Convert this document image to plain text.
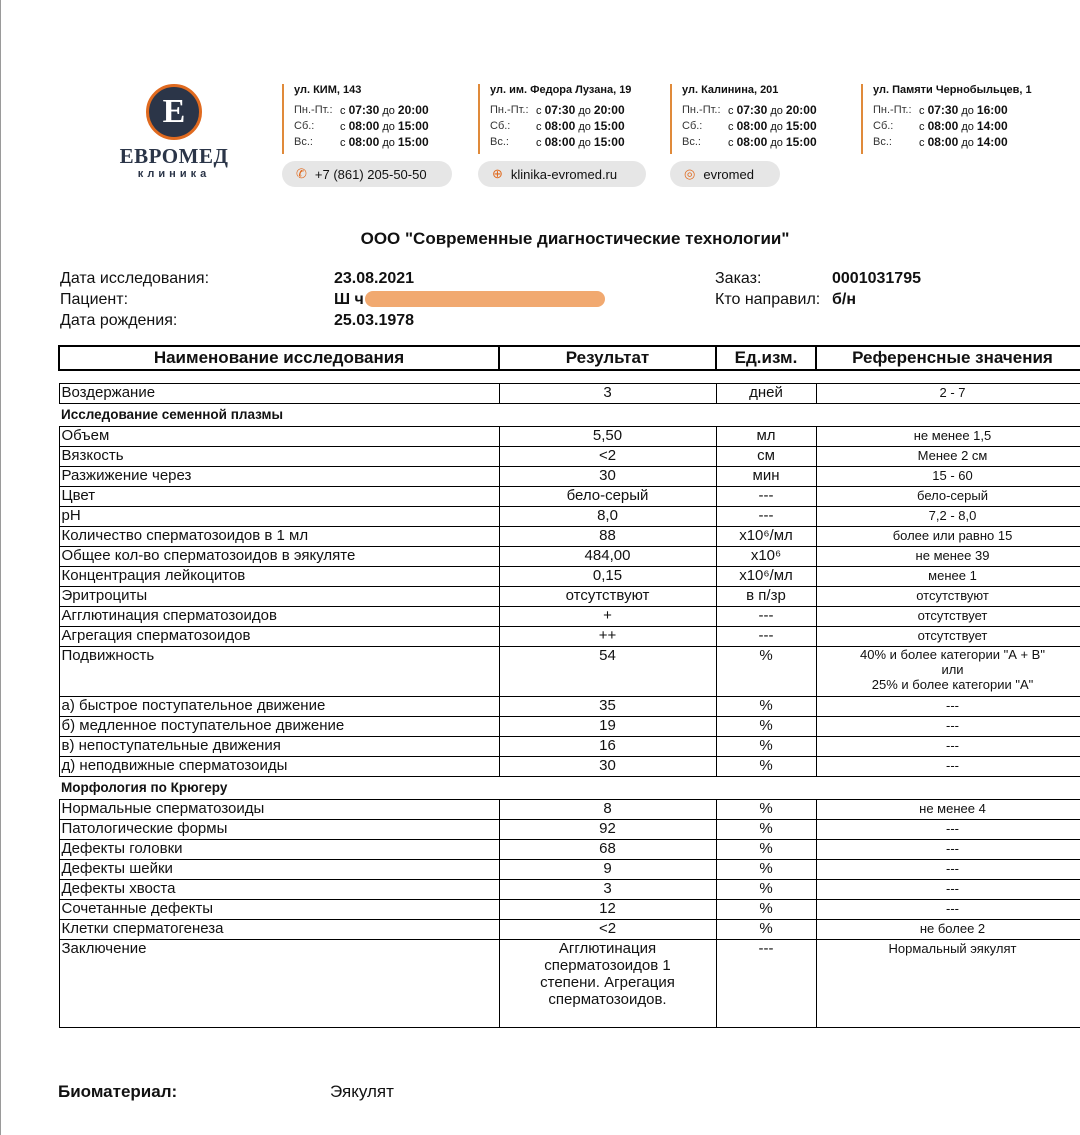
Е
ЕВРОМЕД
клиника
ул. КИМ, 143
Пн.-Пт.: с 07:30 до 20:00
Сб.:	с 08:00 до 15:00
Вс.:	с 08:00 до 15:00
ул. им. Федора Лузана, 19
Пн.-Пт.: с 07:30 до 20:00
Сб.:	с 08:00 до 15:00
Вс.:	с 08:00 до 15:00
ул. Калинина, 201
Пн.-Пт.: с 07:30 до 20:00
Сб.:	с 08:00 до 15:00
Вс.:	с 08:00 до 15:00
ул. Памяти Чернобыльцев, 1
Пн.-Пт.: с 07:30 до 16:00
Сб.:	с 08:00 до 14:00
Вс.:	с 08:00 до 14:00
✆ +7 (861) 205-50-50	⊕ klinika-evromed.ru	◎ evromed
ООО "Современные диагностические технологии"
Дата исследования:	23.08.2021
Пациент:	Ш ч
Дата рождения:	25.03.1978
Заказ:	0001031795
Кто направил: б/н
Наименование исследования	Результат	Ед.изм.	Референсные значения

Воздержание	3	дней	2 - 7
Исследование семенной плазмы			
Объем	5,50	мл	не менее 1,5
Вязкость	<2	см	Менее 2 см
Разжижение через	30	мин	15 - 60
Цвет	бело-серый	---	бело-серый
pH	8,0	---	7,2 - 8,0
Количество сперматозоидов в 1 мл	88	x10⁶/мл	более или равно 15
Общее кол-во сперматозоидов в эякуляте	484,00	x10⁶	не менее 39
Концентрация лейкоцитов	0,15	x10⁶/мл	менее 1
Эритроциты	отсутствуют	в п/зр	отсутствуют
Агглютинация сперматозоидов	+	---	отсутствует
Агрегация сперматозоидов	++	---	отсутствует
Подвижность	54	%	40% и более категории "А + В"
или
25% и более категории "А"

а) быстрое поступательное движение	35	%	---
б) медленное поступательное движение	19	%	---
в) непоступательные движения	16	%	---
д) неподвижные сперматозоиды	30	%	---
Морфология по Крюгеру			
Нормальные сперматозоиды	8	%	не менее 4
Патологические формы	92	%	---
Дефекты головки	68	%	---
Дефекты шейки	9	%	---
Дефекты хвоста	3	%	---
Сочетанные дефекты	12	%	---
Клетки сперматогенеза	<2	%	не более 2
Заключение	Агглютинация сперматозоидов 1 степени. Агрегация сперматозоидов.	---	Нормальный эякулят
Биоматериал:	Эякулят
